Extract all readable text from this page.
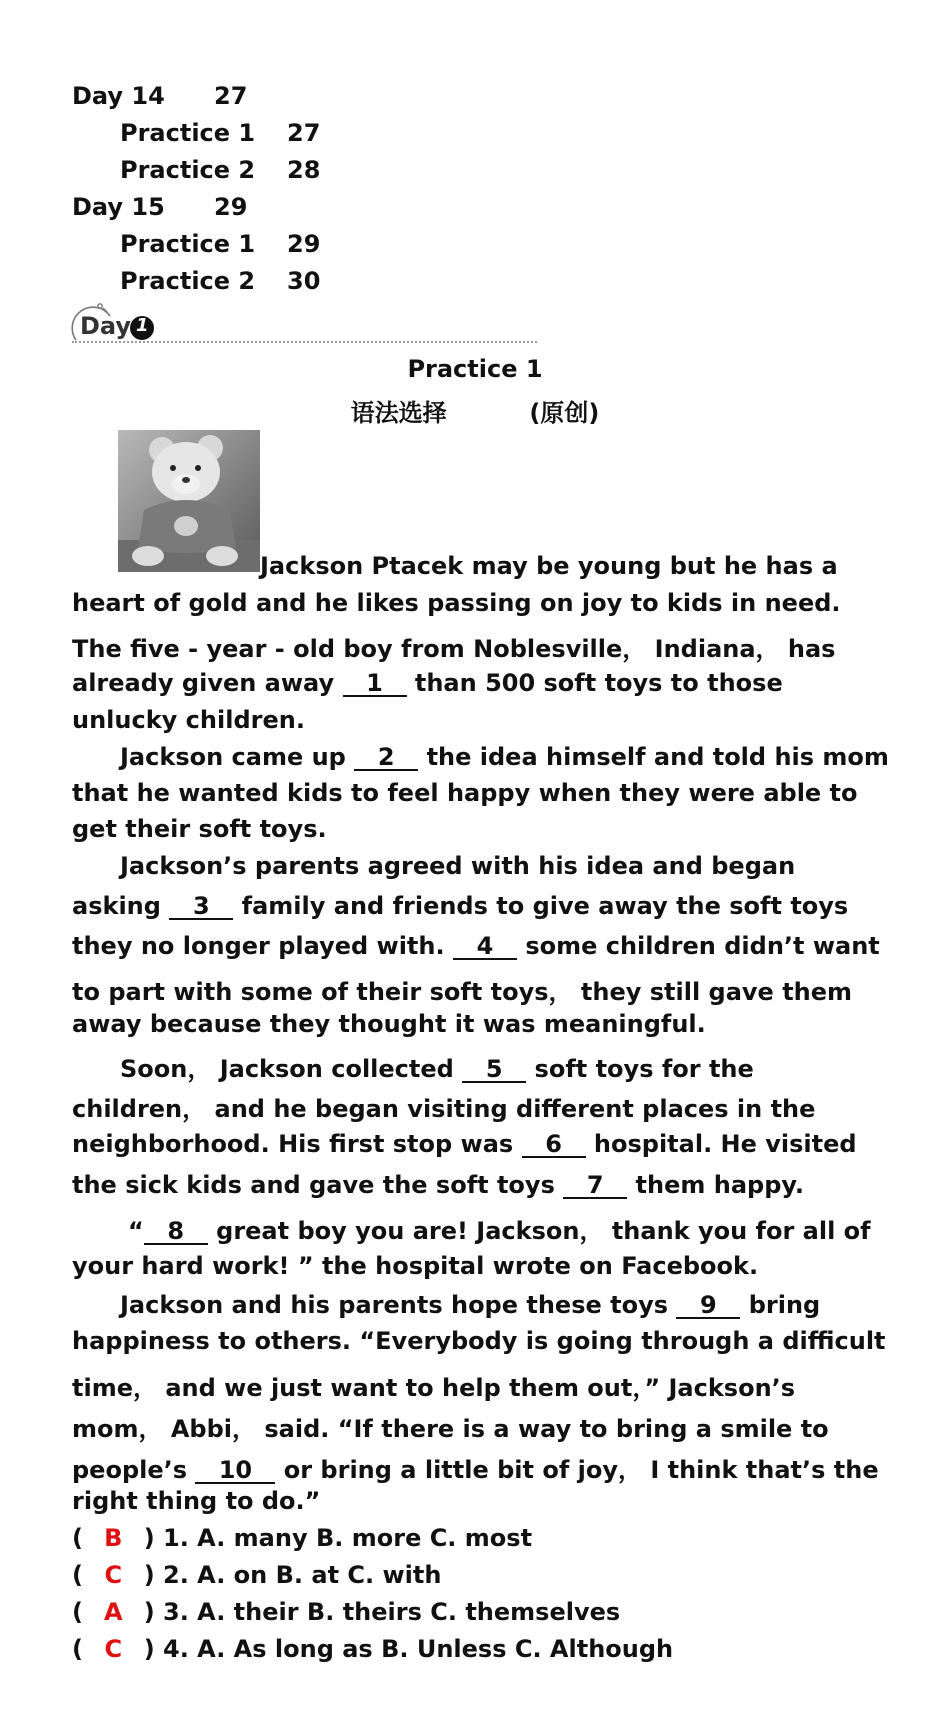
Day 14 27
Practice 1 27
Practice 2 28
Day 15 29
Practice 1 29
Practice 2 30
Day 1
Practice 1
语法选择	(原创)
Jackson Ptacek may be young but he has a
heart of gold and he likes passing on joy to kids in need.
The five - year - old boy from Noblesville， Indiana， has
already given away 1 than 500 soft toys to those
unlucky children.
Jackson came up 2 the idea himself and told his mom
that he wanted kids to feel happy when they were able to
get their soft toys.
Jackson’s parents agreed with his idea and began
asking 3 family and friends to give away the soft toys
they no longer played with. 4 some children didn’t want
to part with some of their soft toys， they still gave them
away because they thought it was meaningful.
Soon， Jackson collected 5 soft toys for the
children， and he began visiting different places in the
neighborhood. His first stop was 6 hospital. He visited
the sick kids and gave the soft toys 7 them happy.
“ 8 great boy you are! Jackson， thank you for all of
your hard work! ” the hospital wrote on Facebook.
Jackson and his parents hope these toys 9 bring
happiness to others. “Everybody is going through a difficult
time， and we just want to help them out，” Jackson’s
mom， Abbi， said. “If there is a way to bring a smile to
people’s 10 or bring a little bit of joy， I think that’s the
right thing to do.”
( B ) 1. A. many B. more C. most
( C ) 2. A. on B. at C. with
( A ) 3. A. their B. theirs C. themselves
( C ) 4. A. As long as B. Unless C. Although
